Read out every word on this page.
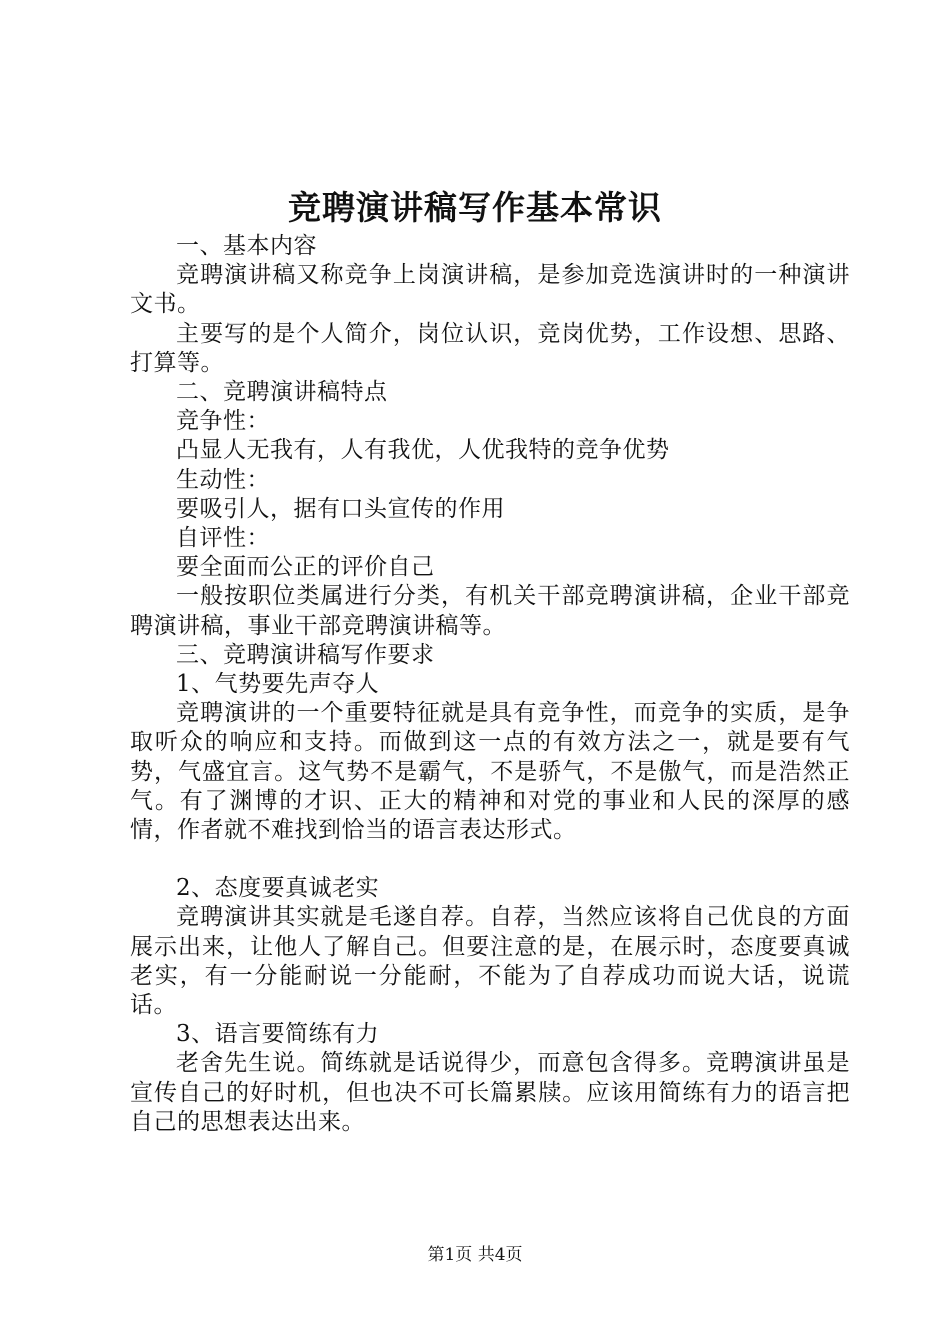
竞聘演讲稿写作基本常识

一、基本内容

竞聘演讲稿又称竞争上岗演讲稿，是参加竞选演讲时的一种演讲文书。

主要写的是个人简介，岗位认识，竞岗优势，工作设想、思路、打算等。

二、竞聘演讲稿特点

竞争性：

凸显人无我有，人有我优，人优我特的竞争优势

生动性：

要吸引人，据有口头宣传的作用

自评性：

要全面而公正的评价自己

一般按职位类属进行分类，有机关干部竞聘演讲稿，企业干部竞聘演讲稿，事业干部竞聘演讲稿等。

三、竞聘演讲稿写作要求

1、气势要先声夺人

竞聘演讲的一个重要特征就是具有竞争性，而竞争的实质，是争取听众的响应和支持。而做到这一点的有效方法之一，就是要有气势，气盛宜言。这气势不是霸气，不是骄气，不是傲气，而是浩然正气。有了渊博的才识、正大的精神和对党的事业和人民的深厚的感情，作者就不难找到恰当的语言表达形式。

2、态度要真诚老实

竞聘演讲其实就是毛遂自荐。自荐，当然应该将自己优良的方面展示出来，让他人了解自己。但要注意的是，在展示时，态度要真诚老实，有一分能耐说一分能耐，不能为了自荐成功而说大话，说谎话。

3、语言要简练有力

老舍先生说。简练就是话说得少，而意包含得多。竞聘演讲虽是宣传自己的好时机，但也决不可长篇累牍。应该用简练有力的语言把自己的思想表达出来。

第1页 共4页
